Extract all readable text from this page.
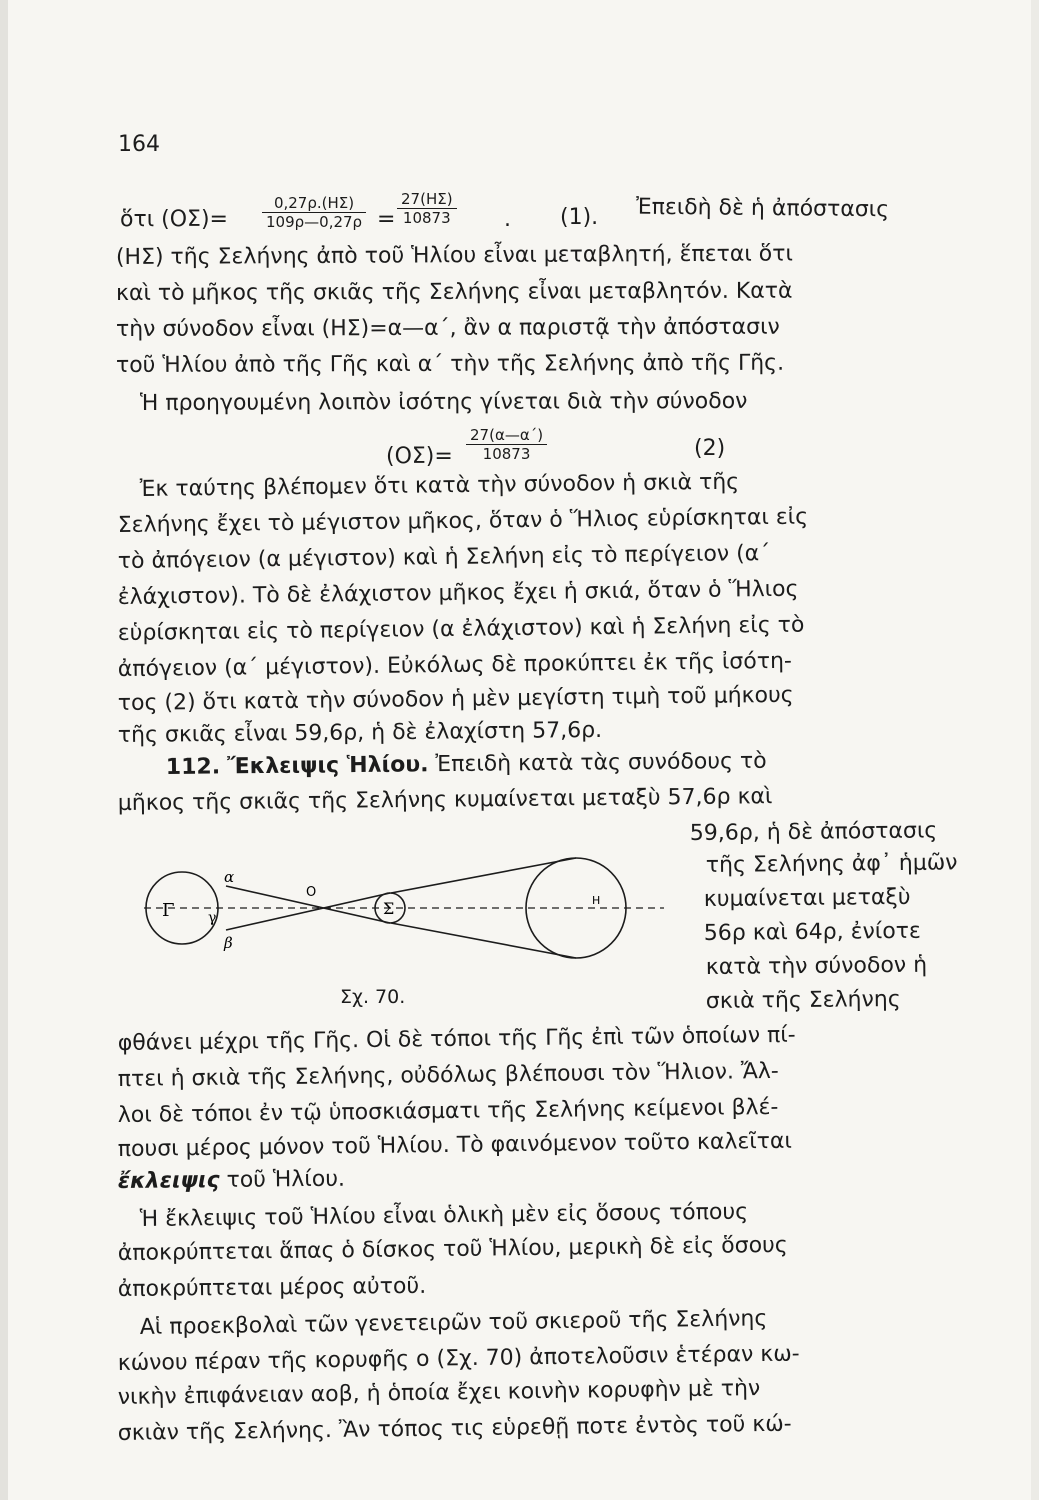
164
ὅτι $(O\Sigma)= \frac{0,27\rho.(H\Sigma)}{109\rho—0,27\rho} = \frac{27(H\Sigma)}{10873}$ . (1). Ἐπειδὴ δὲ ἡ ἀπόστασις
(ΗΣ) τῆς Σελήνης ἀπὸ τοῦ Ἡλίου εἶναι μεταβλητή, ἕπεται ὅτι
καὶ τὸ μῆκος τῆς σκιᾶς τῆς Σελήνης εἶναι μεταβλητόν. Κατὰ
τὴν σύνοδον εἶναι (ΗΣ)=α—α΄, ἂν α παριστᾷ τὴν ἀπόστασιν
τοῦ Ἡλίου ἀπὸ τῆς Γῆς καὶ α΄ τὴν τῆς Σελήνης ἀπὸ τῆς Γῆς.
Ἡ προηγουμένη λοιπὸν ἰσότης γίνεται διὰ τὴν σύνοδον
$(O\Sigma)= \frac{27(\alpha—\alpha΄)}{10873}$	(2)
Ἐκ ταύτης βλέπομεν ὅτι κατὰ τὴν σύνοδον ἡ σκιὰ τῆς
Σελήνης ἔχει τὸ μέγιστον μῆκος, ὅταν ὁ Ἥλιος εὑρίσκηται εἰς
τὸ ἀπόγειον (α μέγιστον) καὶ ἡ Σελήνη εἰς τὸ περίγειον (α΄
ἐλάχιστον). Τὸ δὲ ἐλάχιστον μῆκος ἔχει ἡ σκιά, ὅταν ὁ Ἥλιος
εὑρίσκηται εἰς τὸ περίγειον (α ἐλάχιστον) καὶ ἡ Σελήνη εἰς τὸ
ἀπόγειον (α΄ μέγιστον). Εὐκόλως δὲ προκύπτει ἐκ τῆς ἰσότη-
τος (2) ὅτι κατὰ τὴν σύνοδον ἡ μὲν μεγίστη τιμὴ τοῦ μήκους
τῆς σκιᾶς εἶναι 59,6ρ, ἡ δὲ ἐλαχίστη 57,6ρ.
112. Ἔκλειψις Ἡλίου. Ἐπειδὴ κατὰ τὰς συνόδους τὸ
μῆκος τῆς σκιᾶς τῆς Σελήνης κυμαίνεται μεταξὺ 57,6ρ καὶ
59,6ρ, ἡ δὲ ἀπόστασις
τῆς Σελήνης ἀφ᾽ ἡμῶν
κυμαίνεται μεταξὺ
56ρ καὶ 64ρ, ἐνίοτε
κατὰ τὴν σύνοδον ἡ
σκιὰ τῆς Σελήνης
Γ
α
γ
β
Ο
Σ	Η
Σχ. 70.
φθάνει μέχρι τῆς Γῆς. Οἱ δὲ τόποι τῆς Γῆς ἐπὶ τῶν ὁποίων πί-
πτει ἡ σκιὰ τῆς Σελήνης, οὐδόλως βλέπουσι τὸν Ἥλιον. Ἄλ-
λοι δὲ τόποι ἐν τῷ ὑποσκιάσματι τῆς Σελήνης κείμενοι βλέ-
πουσι μέρος μόνον τοῦ Ἡλίου. Τὸ φαινόμενον τοῦτο καλεῖται
ἔκλειψις τοῦ Ἡλίου.
Ἡ ἔκλειψις τοῦ Ἡλίου εἶναι ὁλικὴ μὲν εἰς ὅσους τόπους
ἀποκρύπτεται ἅπας ὁ δίσκος τοῦ Ἡλίου, μερικὴ δὲ εἰς ὅσους
ἀποκρύπτεται μέρος αὐτοῦ.
Αἱ προεκβολαὶ τῶν γενετειρῶν τοῦ σκιεροῦ τῆς Σελήνης
κώνου πέραν τῆς κορυφῆς ο (Σχ. 70) ἀποτελοῦσιν ἑτέραν κω-
νικὴν ἐπιφάνειαν αοβ, ἡ ὁποία ἔχει κοινὴν κορυφὴν μὲ τὴν
σκιὰν τῆς Σελήνης. Ἂν τόπος τις εὑρεθῇ ποτε ἐντὸς τοῦ κώ-
